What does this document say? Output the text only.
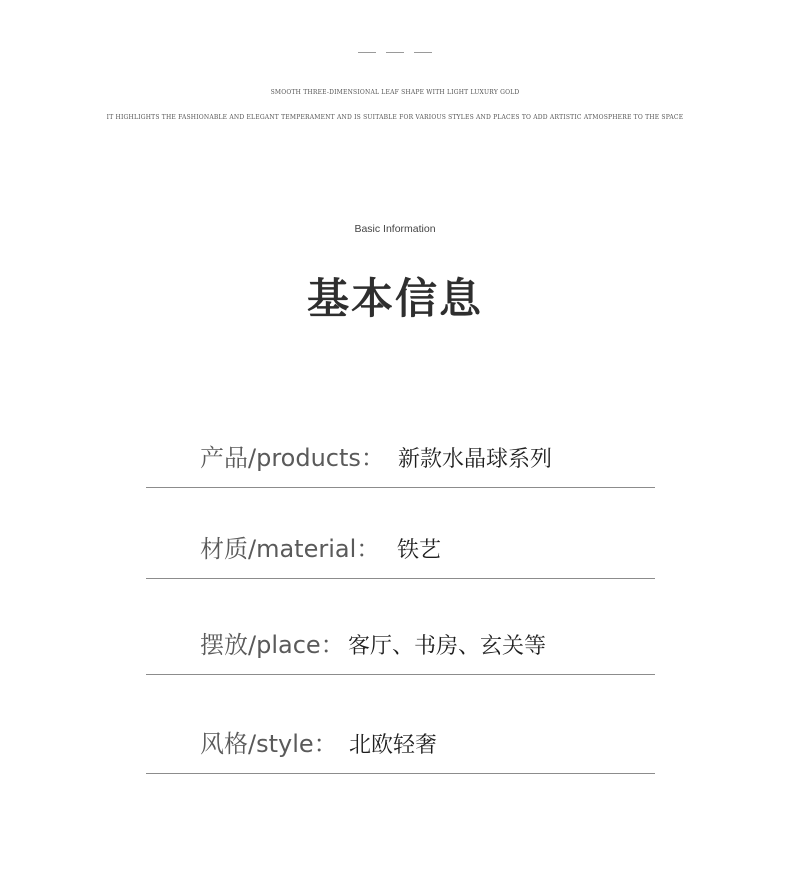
SMOOTH THREE-DIMENSIONAL LEAF SHAPE WITH LIGHT LUXURY GOLD
IT HIGHLIGHTS THE FASHIONABLE AND ELEGANT TEMPERAMENT AND IS SUITABLE FOR VARIOUS STYLES AND PLACES TO ADD ARTISTIC ATMOSPHERE TO THE SPACE
Basic Information
基本信息
产品/products： 新款水晶球系列
材质/material： 铁艺
摆放/place： 客厅、书房、玄关等
风格/style： 北欧轻奢
